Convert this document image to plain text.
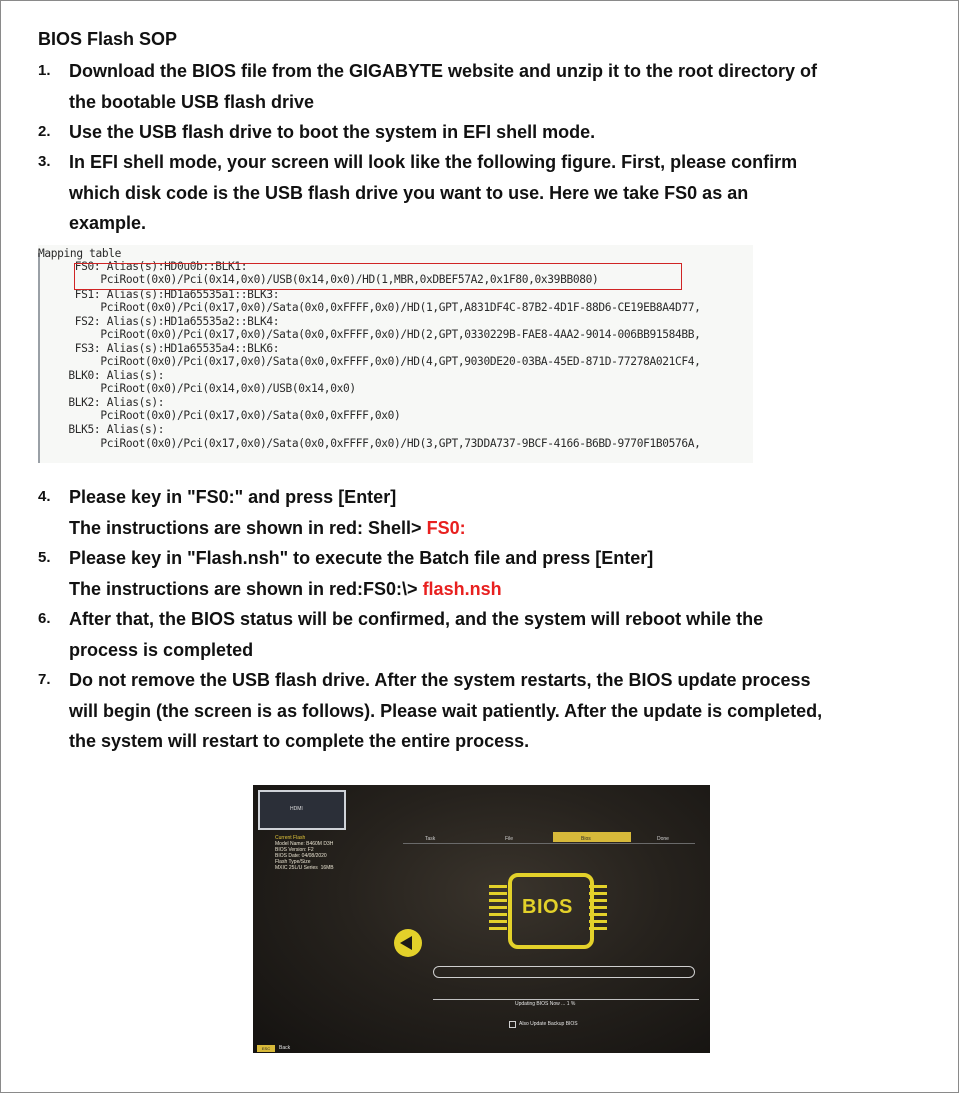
BIOS Flash SOP
1. Download the BIOS file from the GIGABYTE website and unzip it to the root directory of
the bootable USB flash drive
2. Use the USB flash drive to boot the system in EFI shell mode.
3. In EFI shell mode, your screen will look like the following figure. First, please confirm
which disk code is the USB flash drive you want to use. Here we take FS0 as an
example.
Mapping table
FS0: Alias(s):HD0u0b::BLK1:
PciRoot(0x0)/Pci(0x14,0x0)/USB(0x14,0x0)/HD(1,MBR,0xDBEF57A2,0x1F80,0x39BB080)
FS1: Alias(s):HD1a65535a1::BLK3:
PciRoot(0x0)/Pci(0x17,0x0)/Sata(0x0,0xFFFF,0x0)/HD(1,GPT,A831DF4C-87B2-4D1F-88D6-CE19EB8A4D77,
FS2: Alias(s):HD1a65535a2::BLK4:
PciRoot(0x0)/Pci(0x17,0x0)/Sata(0x0,0xFFFF,0x0)/HD(2,GPT,0330229B-FAE8-4AA2-9014-006BB91584BB,
FS3: Alias(s):HD1a65535a4::BLK6:
PciRoot(0x0)/Pci(0x17,0x0)/Sata(0x0,0xFFFF,0x0)/HD(4,GPT,9030DE20-03BA-45ED-871D-77278A021CF4,
BLK0: Alias(s):
PciRoot(0x0)/Pci(0x14,0x0)/USB(0x14,0x0)
BLK2: Alias(s):
PciRoot(0x0)/Pci(0x17,0x0)/Sata(0x0,0xFFFF,0x0)
BLK5: Alias(s):
PciRoot(0x0)/Pci(0x17,0x0)/Sata(0x0,0xFFFF,0x0)/HD(3,GPT,73DDA737-9BCF-4166-B6BD-9770F1B0576A,
4. Please key in "FS0:" and press [Enter]
The instructions are shown in red: Shell> FS0:
5. Please key in "Flash.nsh" to execute the Batch file and press [Enter]
The instructions are shown in red:FS0:\> flash.nsh
6. After that, the BIOS status will be confirmed, and the system will reboot while the
process is completed
7. Do not remove the USB flash drive. After the system restarts, the BIOS update process
will begin (the screen is as follows). Please wait patiently. After the update is completed,
the system will restart to complete the entire process.
HDMI
Current Flash
Model Name: B460M D3H
BIOS Version: F2
BIOS Date: 04/08/2020
Flash Type/Size
MXIC 25L/U Series  16MB
Task	File	Bios	Done
BIOS
Updating BIOS Now ... 1 %
Also Update Backup BIOS
ESC	Back
